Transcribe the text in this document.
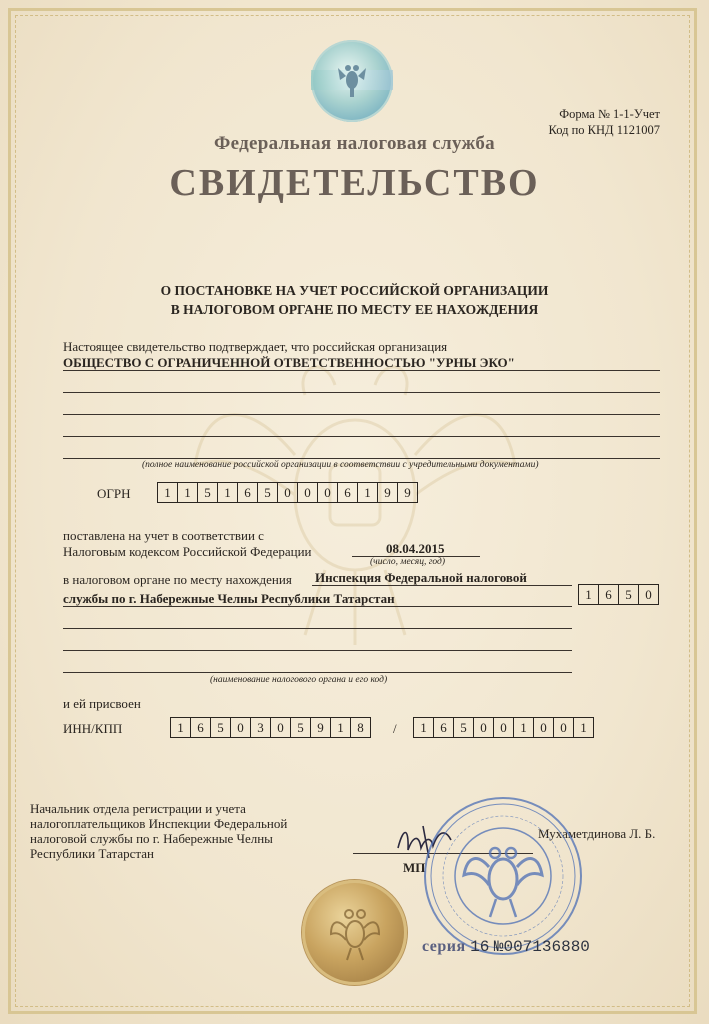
Форма № 1-1-Учет
Код по КНД 1121007
Федеральная налоговая служба
СВИДЕТЕЛЬСТВО
О ПОСТАНОВКЕ НА УЧЕТ РОССИЙСКОЙ ОРГАНИЗАЦИИ
В НАЛОГОВОМ ОРГАНЕ ПО МЕСТУ ЕЕ НАХОЖДЕНИЯ
Настоящее свидетельство подтверждает, что российская организация
ОБЩЕСТВО С ОГРАНИЧЕННОЙ ОТВЕТСТВЕННОСТЬЮ "УРНЫ ЭКО"
(полное наименование российской организации в соответствии с учредительными документами)
ОГРН	1	1	5	1	6	5	0	0	0	6	1	9	9
поставлена на учет в соответствии с
Налоговым кодексом Российской Федерации	08.04.2015
(число, месяц, год)
в налоговом органе по месту нахождения Инспекция Федеральной налоговой
службы по г. Набережные Челны Республики Татарстан	1	6	5	0
(наименование налогового органа и его код)
и ей присвоен
ИНН/КПП	1	6	5	0	3	0	5	9	1	8	/	1	6	5	0	0	1	0	0	1
Начальник отдела регистрации и учета
налогоплательщиков Инспекции Федеральной
налоговой службы по г. Набережные Челны
Республики Татарстан
Мухаметдинова Л. Б.
МП
серия 16 №007136880
